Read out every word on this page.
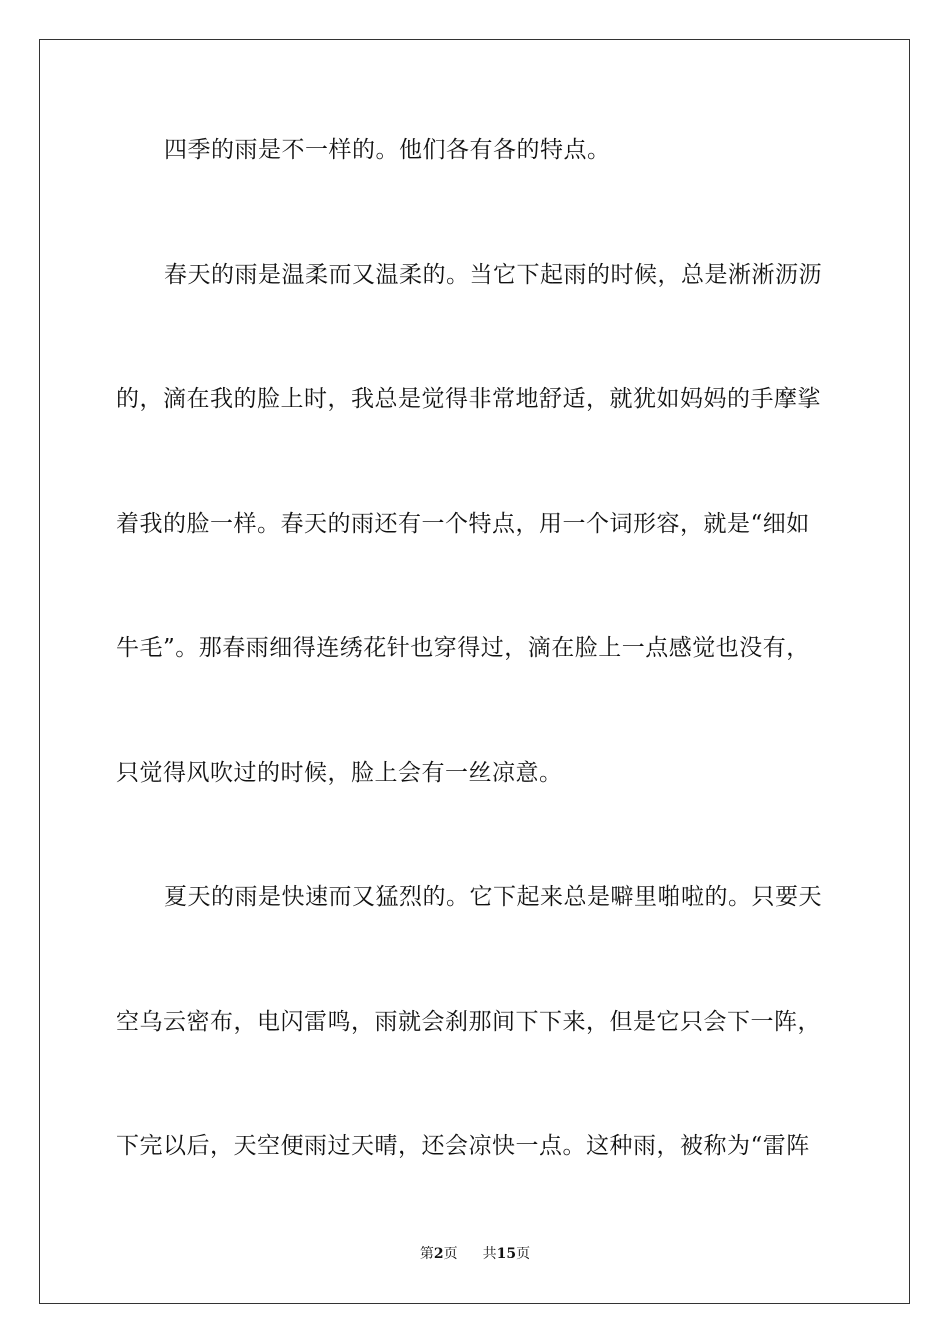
四季的雨是不一样的。他们各有各的特点。
春天的雨是温柔而又温柔的。当它下起雨的时候，总是淅淅沥沥
的，滴在我的脸上时，我总是觉得非常地舒适，就犹如妈妈的手摩挲
着我的脸一样。春天的雨还有一个特点，用一个词形容，就是“细如
牛毛”。那春雨细得连绣花针也穿得过，滴在脸上一点感觉也没有，
只觉得风吹过的时候，脸上会有一丝凉意。
夏天的雨是快速而又猛烈的。它下起来总是噼里啪啦的。只要天
空乌云密布，电闪雷鸣，雨就会刹那间下下来，但是它只会下一阵，
下完以后，天空便雨过天晴，还会凉快一点。这种雨，被称为“雷阵
第2页 共15页
